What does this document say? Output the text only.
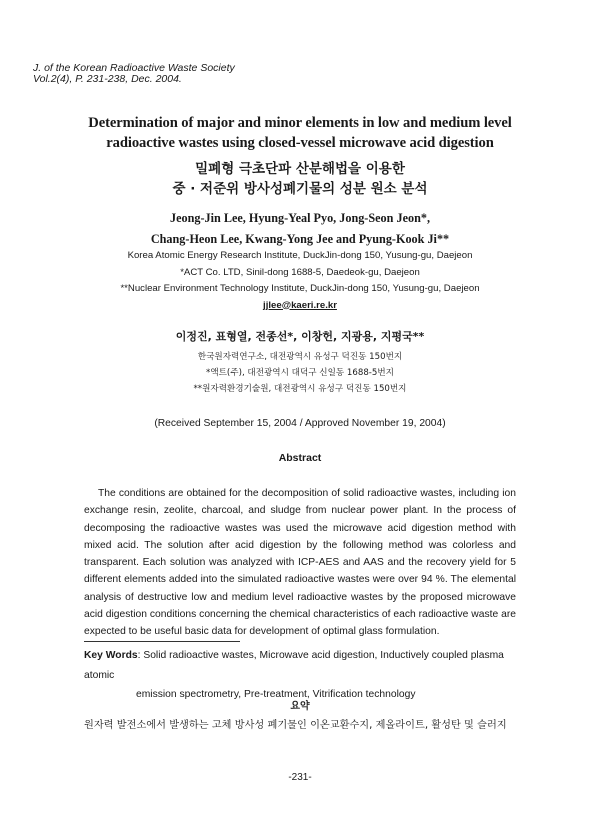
J. of the Korean Radioactive Waste Society
Vol.2(4), P. 231-238, Dec. 2004.
Determination of major and minor elements in low and medium level
radioactive wastes using closed-vessel microwave acid digestion
밀폐형 극초단파 산분해법을 이용한
중 · 저준위 방사성폐기물의 성분 원소 분석
Jeong-Jin Lee, Hyung-Yeal Pyo, Jong-Seon Jeon*,
Chang-Heon Lee, Kwang-Yong Jee and Pyung-Kook Ji**
Korea Atomic Energy Research Institute, DuckJin-dong 150, Yusung-gu, Daejeon
*ACT Co. LTD, Sinil-dong 1688-5, Daedeok-gu, Daejeon
**Nuclear Environment Technology Institute, DuckJin-dong 150, Yusung-gu, Daejeon
jjlee@kaeri.re.kr
이정진, 표형열, 전종선*, 이창헌, 지광용, 지평국**
한국원자력연구소, 대전광역시 유성구 덕진동 150번지
*액트(주), 대전광역시 대덕구 신일동 1688-5번지
**원자력환경기술원, 대전광역시 유성구 덕진동 150번지
(Received September 15, 2004 / Approved November 19, 2004)
Abstract

The conditions are obtained for the decomposition of solid radioactive wastes, including ion exchange resin, zeolite, charcoal, and sludge from nuclear power plant. In the process of decomposing the radioactive wastes was used the microwave acid digestion method with mixed acid. The solution after acid digestion by the following method was colorless and transparent. Each solution was analyzed with ICP-AES and AAS and the recovery yield for 5 different elements added into the simulated radioactive wastes were over 94 %. The elemental analysis of destructive low and medium level radioactive wastes by the proposed microwave acid digestion conditions concerning the chemical characteristics of each radioactive waste are expected to be useful basic data for development of optimal glass formulation.

Key Words: Solid radioactive wastes, Microwave acid digestion, Inductively coupled plasma atomic
emission spectrometry, Pre-treatment, Vitrification technology
요약
원자력 발전소에서 발생하는 고체 방사성 폐기물인 이온교환수지, 제올라이트, 활성탄 및 슬러지
-231-
